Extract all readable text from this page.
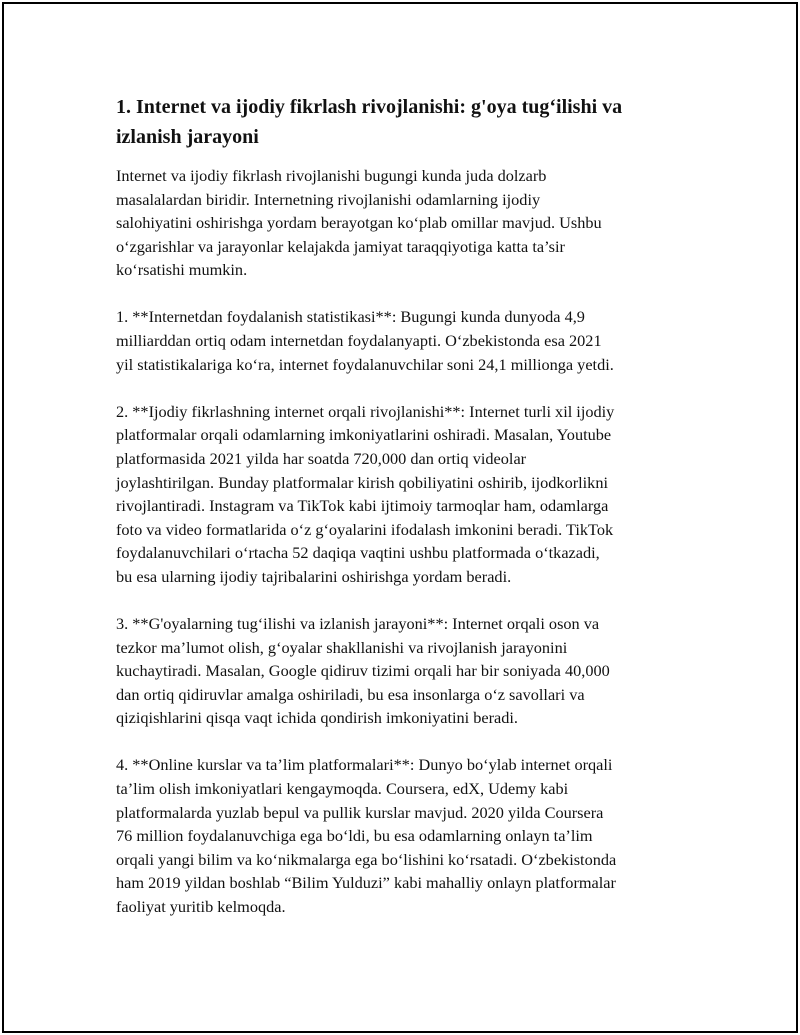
1. Internet va ijodiy fikrlash rivojlanishi: g'oya tug‘ilishi va
izlanish jarayoni

Internet va ijodiy fikrlash rivojlanishi bugungi kunda juda dolzarb
masalalardan biridir. Internetning rivojlanishi odamlarning ijodiy
salohiyatini oshirishga yordam berayotgan ko‘plab omillar mavjud. Ushbu
o‘zgarishlar va jarayonlar kelajakda jamiyat taraqqiyotiga katta ta’sir
ko‘rsatishi mumkin.

1. **Internetdan foydalanish statistikasi**: Bugungi kunda dunyoda 4,9
milliarddan ortiq odam internetdan foydalanyapti. O‘zbekistonda esa 2021
yil statistikalariga ko‘ra, internet foydalanuvchilar soni 24,1 millionga yetdi.

2. **Ijodiy fikrlashning internet orqali rivojlanishi**: Internet turli xil ijodiy
platformalar orqali odamlarning imkoniyatlarini oshiradi. Masalan, Youtube
platformasida 2021 yilda har soatda 720,000 dan ortiq videolar
joylashtirilgan. Bunday platformalar kirish qobiliyatini oshirib, ijodkorlikni
rivojlantiradi. Instagram va TikTok kabi ijtimoiy tarmoqlar ham, odamlarga
foto va video formatlarida o‘z g‘oyalarini ifodalash imkonini beradi. TikTok
foydalanuvchilari o‘rtacha 52 daqiqa vaqtini ushbu platformada o‘tkazadi,
bu esa ularning ijodiy tajribalarini oshirishga yordam beradi.

3. **G'oyalarning tug‘ilishi va izlanish jarayoni**: Internet orqali oson va
tezkor ma’lumot olish, g‘oyalar shakllanishi va rivojlanish jarayonini
kuchaytiradi. Masalan, Google qidiruv tizimi orqali har bir soniyada 40,000
dan ortiq qidiruvlar amalga oshiriladi, bu esa insonlarga o‘z savollari va
qiziqishlarini qisqa vaqt ichida qondirish imkoniyatini beradi.

4. **Online kurslar va ta’lim platformalari**: Dunyo bo‘ylab internet orqali
ta’lim olish imkoniyatlari kengaymoqda. Coursera, edX, Udemy kabi
platformalarda yuzlab bepul va pullik kurslar mavjud. 2020 yilda Coursera
76 million foydalanuvchiga ega bo‘ldi, bu esa odamlarning onlayn ta’lim
orqali yangi bilim va ko‘nikmalarga ega bo‘lishini ko‘rsatadi. O‘zbekistonda
ham 2019 yildan boshlab “Bilim Yulduzi” kabi mahalliy onlayn platformalar
faoliyat yuritib kelmoqda.
